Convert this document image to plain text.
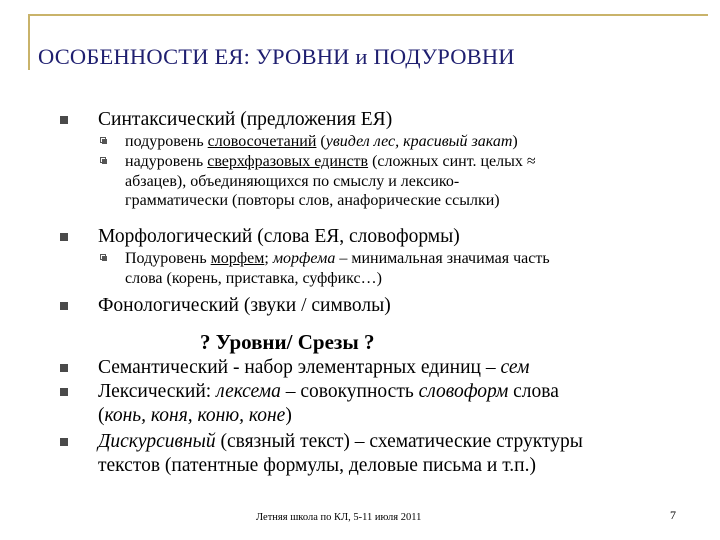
ОСОБЕННОСТИ ЕЯ: УРОВНИ и ПОДУРОВНИ
Синтаксический (предложения ЕЯ)
подуровень словосочетаний (увидел лес, красивый закат)
надуровень сверхфразовых единств (сложных синт. целых ≈
абзацев), объединяющихся по смыслу и лексико-
грамматически (повторы слов, анафорические ссылки)
Морфологический (слова ЕЯ, словоформы)
Подуровень морфем; морфема – минимальная значимая часть
слова (корень, приставка, суффикс…)
Фонологический (звуки / символы)
? Уровни/ Срезы ?
Семантический - набор элементарных единиц – сем
Лексический: лексема – совокупность словоформ слова
(конь, коня, коню, коне)
Дискурсивный (связный текст) – схематические структуры
текстов (патентные формулы, деловые письма и т.п.)
Летняя школа по КЛ, 5-11 июля 2011	7
